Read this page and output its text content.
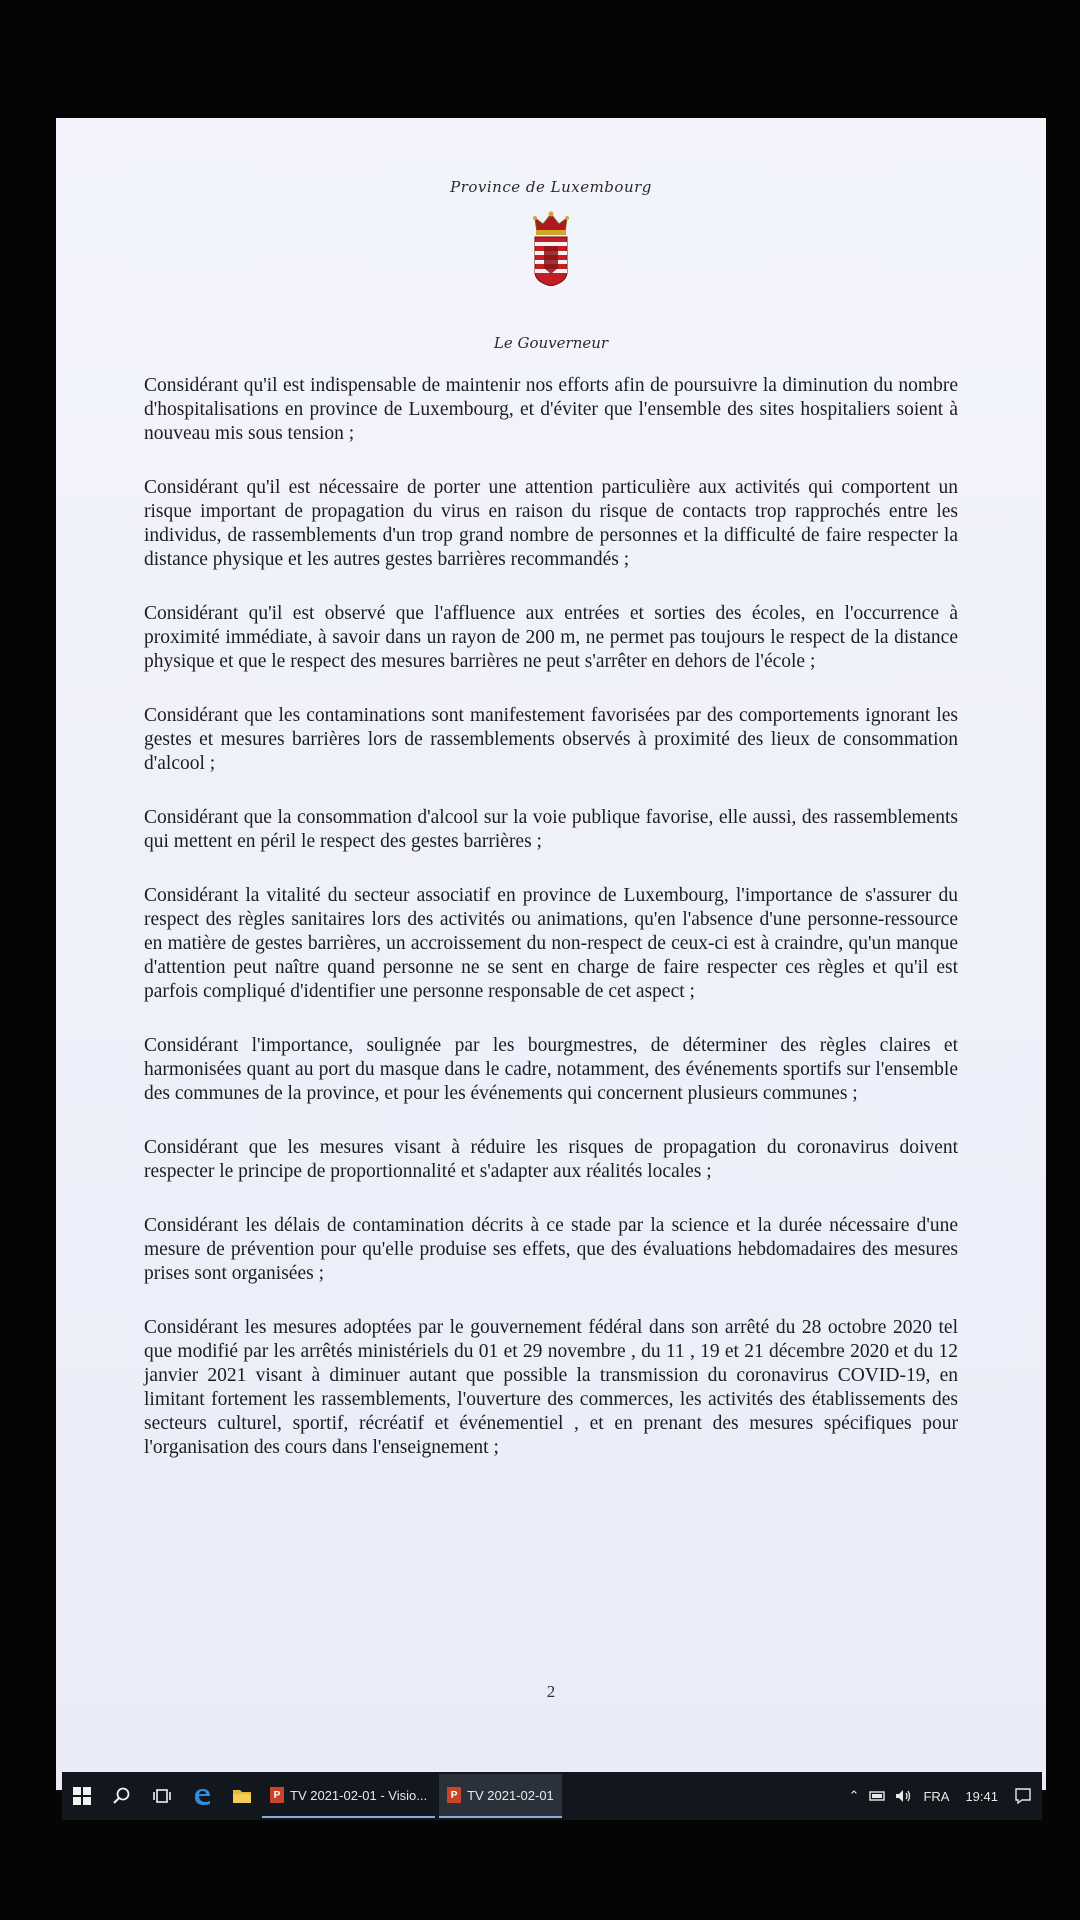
Province de Luxembourg
Le Gouverneur

Considérant qu'il est indispensable de maintenir nos efforts afin de poursuivre la diminution du nombre d'hospitalisations en province de Luxembourg, et d'éviter que l'ensemble des sites hospitaliers soient à nouveau mis sous tension ;

Considérant qu'il est nécessaire de porter une attention particulière aux activités qui comportent un risque important de propagation du virus en raison du risque de contacts trop rapprochés entre les individus, de rassemblements d'un trop grand nombre de personnes et la difficulté de faire respecter la distance physique et les autres gestes barrières recommandés ;

Considérant qu'il est observé que l'affluence aux entrées et sorties des écoles, en l'occurrence à proximité immédiate, à savoir dans un rayon de 200 m, ne permet pas toujours le respect de la distance physique et que le respect des mesures barrières ne peut s'arrêter en dehors de l'école ;

Considérant que les contaminations sont manifestement favorisées par des comportements ignorant les gestes et mesures barrières lors de rassemblements observés à proximité des lieux de consommation d'alcool ;

Considérant que la consommation d'alcool sur la voie publique favorise, elle aussi, des rassemblements qui mettent en péril le respect des gestes barrières ;

Considérant la vitalité du secteur associatif en province de Luxembourg, l'importance de s'assurer du respect des règles sanitaires lors des activités ou animations, qu'en l'absence d'une personne-ressource en matière de gestes barrières, un accroissement du non-respect de ceux-ci est à craindre, qu'un manque d'attention peut naître quand personne ne se sent en charge de faire respecter ces règles et qu'il est parfois compliqué d'identifier une personne responsable de cet aspect ;

Considérant l'importance, soulignée par les bourgmestres, de déterminer des règles claires et harmonisées quant au port du masque dans le cadre, notamment, des événements sportifs sur l'ensemble des communes de la province, et pour les événements qui concernent plusieurs communes ;

Considérant que les mesures visant à réduire les risques de propagation du coronavirus doivent respecter le principe de proportionnalité et s'adapter aux réalités locales ;

Considérant les délais de contamination décrits à ce stade par la science et la durée nécessaire d'une mesure de prévention pour qu'elle produise ses effets, que des évaluations hebdomadaires des mesures prises sont organisées ;

Considérant les mesures adoptées par le gouvernement fédéral dans son arrêté du 28 octobre 2020 tel que modifié par les arrêtés ministériels du 01 et 29 novembre , du 11 , 19 et 21 décembre 2020 et du 12 janvier 2021 visant à diminuer autant que possible la transmission du coronavirus COVID-19, en limitant fortement les rassemblements, l'ouverture des commerces, les activités des établissements des secteurs culturel, sportif, récréatif et événementiel , et en prenant des mesures spécifiques pour l'organisation des cours dans l'enseignement ;

2
P TV 2021-02-01 - Visio...	P TV 2021-02-01	⌃	FRA 19:41
